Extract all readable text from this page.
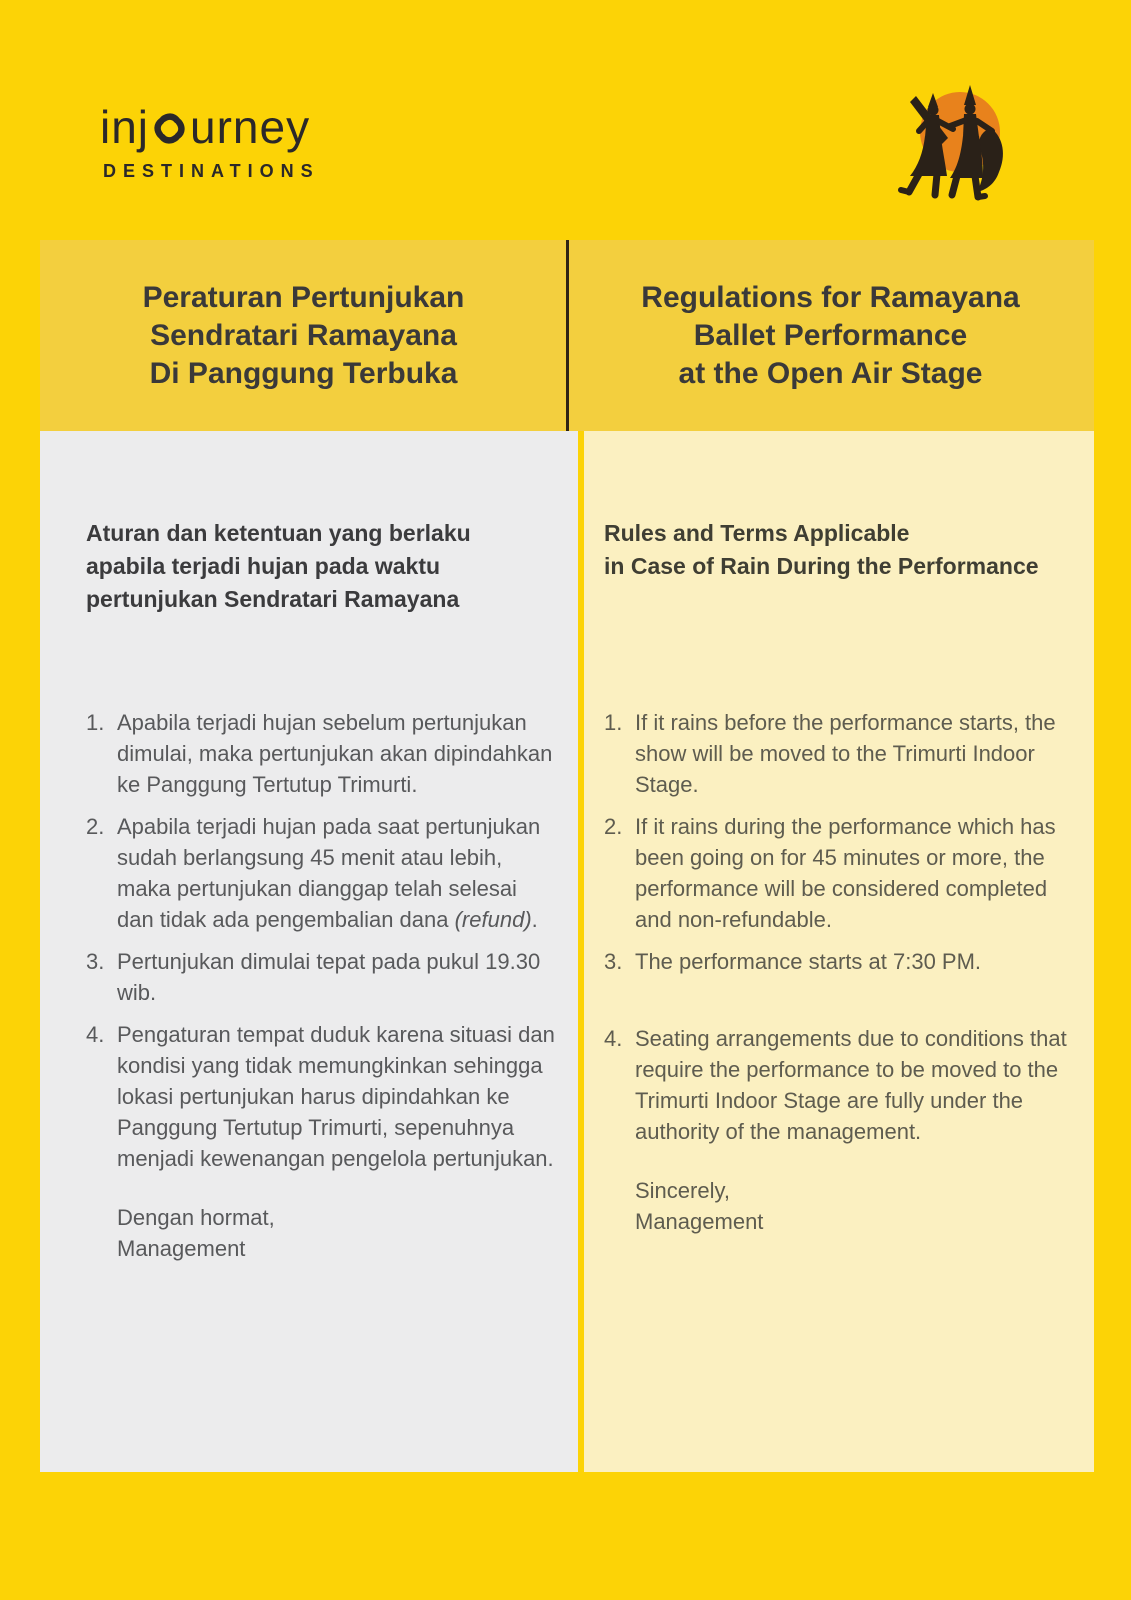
inj urney
DESTINATIONS
Peraturan Pertunjukan
Sendratari Ramayana
Di Panggung Terbuka
Regulations for Ramayana
Ballet Performance
at the Open Air Stage
Aturan dan ketentuan yang berlaku
apabila terjadi hujan pada waktu
pertunjukan Sendratari Ramayana
1. Apabila terjadi hujan sebelum pertunjukan dimulai, maka pertunjukan akan dipindahkan ke Panggung Tertutup Trimurti.
2. Apabila terjadi hujan pada saat pertunjukan sudah berlangsung 45 menit atau lebih, maka pertunjukan dianggap telah selesai dan tidak ada pengembalian dana (refund).
3. Pertunjukan dimulai tepat pada pukul 19.30 wib.
4. Pengaturan tempat duduk karena situasi dan kondisi yang tidak memungkinkan sehingga lokasi pertunjukan harus dipindahkan ke Panggung Tertutup Trimurti, sepenuhnya menjadi kewenangan pengelola pertunjukan.
Dengan hormat,
Management
Rules and Terms Applicable
in Case of Rain During the Performance
1. If it rains before the performance starts, the show will be moved to the Trimurti Indoor Stage.
2. If it rains during the performance which has been going on for 45 minutes or more, the performance will be considered completed and non-refundable.
3. The performance starts at 7:30 PM.
4. Seating arrangements due to conditions that require the performance to be moved to the Trimurti Indoor Stage are fully under the authority of the management.
Sincerely,
Management
